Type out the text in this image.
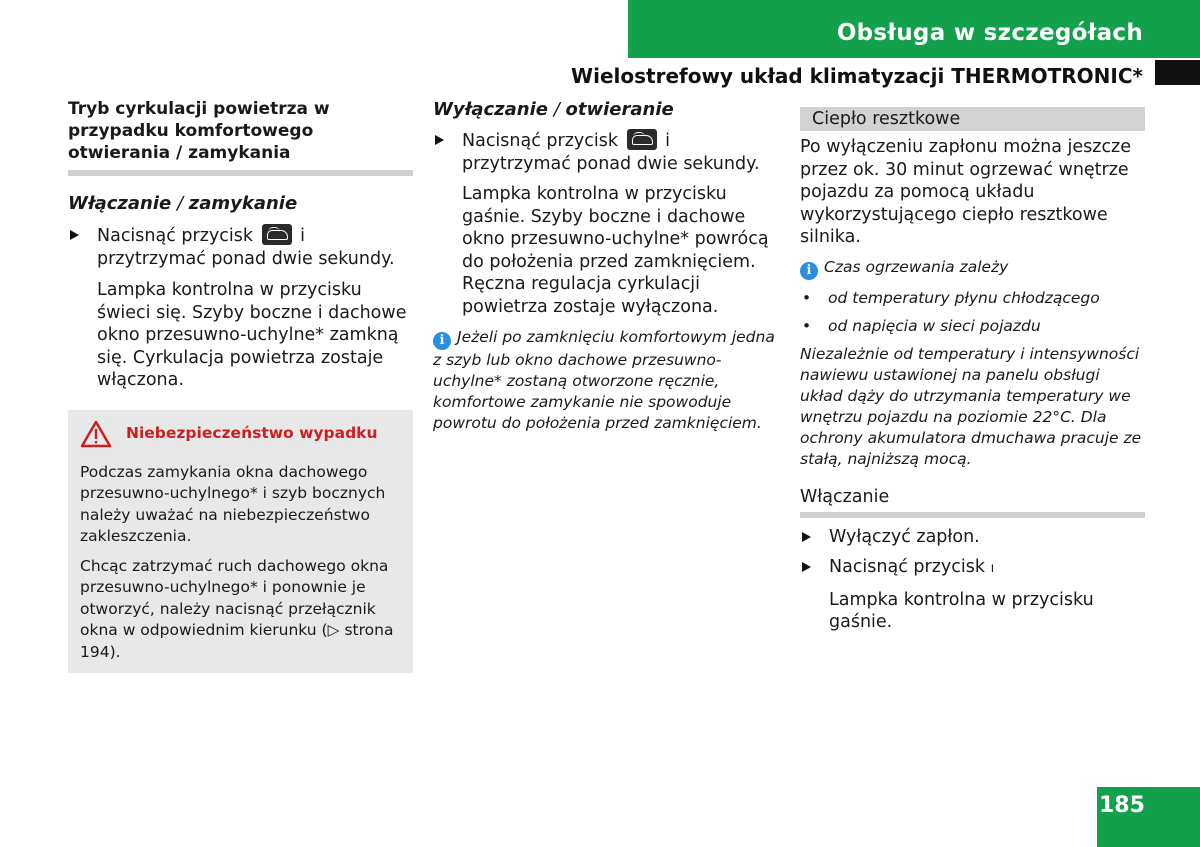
Obsługa w szczegółach
Wielostrefowy układ klimatyzacji THERMOTRONIC*
Tryb cyrkulacji powietrza w przypadku komfortowego otwierania / zamykania
Włączanie / zamykanie
Nacisnąć przycisk	i przytrzymać ponad dwie sekundy.
Lampka kontrolna w przycisku świeci się. Szyby boczne i dachowe okno przesuwno-uchylne* zamkną się. Cyrkulacja powietrza zostaje włączona.
Niebezpieczeństwo wypadku
Podczas zamykania okna dachowego przesuwno-uchylnego* i szyb bocznych należy uważać na niebezpieczeństwo zakleszczenia.
Chcąc zatrzymać ruch dachowego okna przesuwno-uchylnego* i ponownie je otworzyć, należy nacisnąć przełącznik okna w odpowiednim kierunku (▷ strona 194).
Wyłączanie / otwieranie
Nacisnąć przycisk	i przytrzymać ponad dwie sekundy.
Lampka kontrolna w przycisku gaśnie. Szyby boczne i dachowe okno przesuwno-uchylne* powrócą do położenia przed zamknięciem. Ręczna regulacja cyrkulacji powietrza zostaje wyłączona.
i Jeżeli po zamknięciu komfortowym jedna z szyb lub okno dachowe przesuwno-uchylne* zostaną otworzone ręcznie, komfortowe zamykanie nie spowoduje powrotu do położenia przed zamknięciem.
Ciepło resztkowe
Po wyłączeniu zapłonu można jeszcze przez ok. 30 minut ogrzewać wnętrze pojazdu za pomocą układu wykorzystującego ciepło resztkowe silnika.
i Czas ogrzewania zależy
• od temperatury płynu chłodzącego
• od napięcia w sieci pojazdu
Niezależnie od temperatury i intensywności nawiewu ustawionej na panelu obsługi układ dąży do utrzymania temperatury we wnętrzu pojazdu na poziomie 22°C. Dla ochrony akumulatora dmuchawa pracuje ze stałą, najniższą mocą.
Włączanie
Wyłączyć zapłon.
Nacisnąć przycisk ı
Lampka kontrolna w przycisku gaśnie.
185
